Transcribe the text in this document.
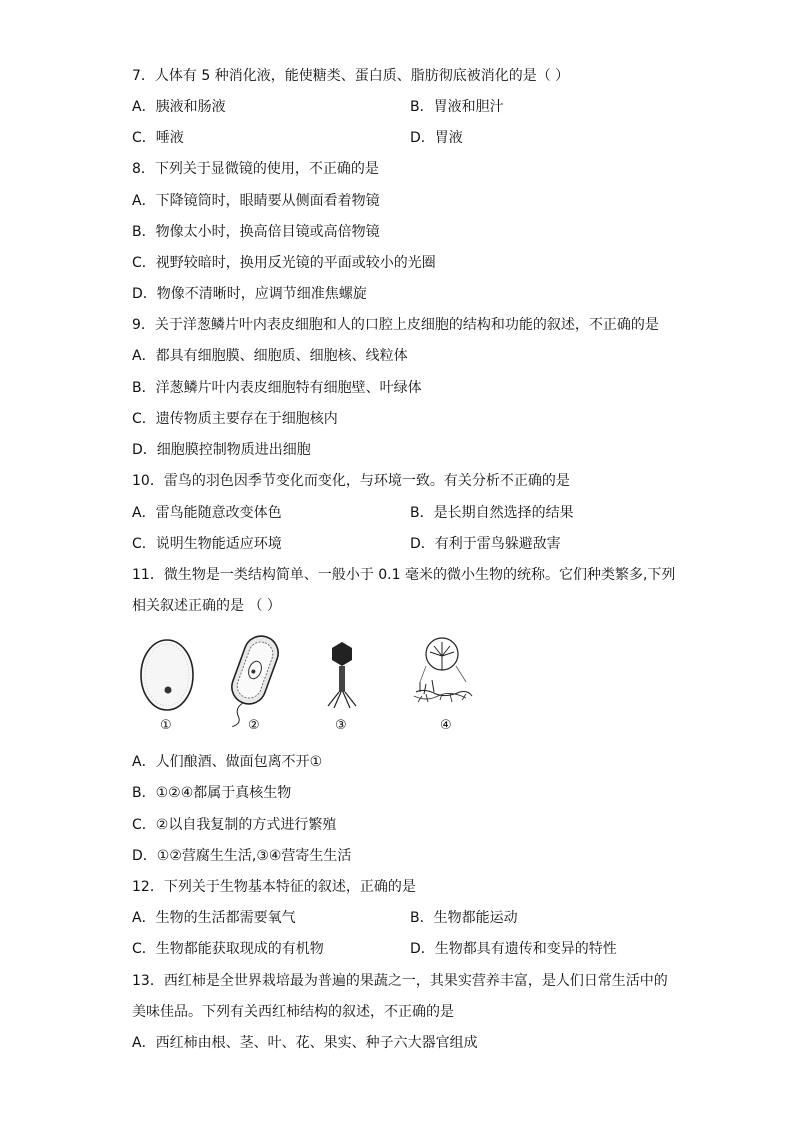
7．人体有 5 种消化液，能使糖类、蛋白质、脂肪彻底被消化的是（ ）
A．胰液和肠液	B．胃液和胆汁
C．唾液	D．胃液
8．下列关于显微镜的使用，不正确的是
A．下降镜筒时，眼睛要从侧面看着物镜
B．物像太小时，换高倍目镜或高倍物镜
C．视野较暗时，换用反光镜的平面或较小的光圈
D．物像不清晰时，应调节细准焦螺旋
9．关于洋葱鳞片叶内表皮细胞和人的口腔上皮细胞的结构和功能的叙述，不正确的是
A．都具有细胞膜、细胞质、细胞核、线粒体
B．洋葱鳞片叶内表皮细胞特有细胞壁、叶绿体
C．遗传物质主要存在于细胞核内
D．细胞膜控制物质进出细胞
10．雷鸟的羽色因季节变化而变化，与环境一致。有关分析不正确的是
A．雷鸟能随意改变体色	B．是长期自然选择的结果
C．说明生物能适应环境	D．有利于雷鸟躲避敌害
11．微生物是一类结构简单、一般小于 0.1 毫米的微小生物的统称。它们种类繁多,下列
相关叙述正确的是 （ ）
①	②	③	④
A．人们酿酒、做面包离不开①
B．①②④都属于真核生物
C．②以自我复制的方式进行繁殖
D．①②营腐生生活,③④营寄生生活
12．下列关于生物基本特征的叙述，正确的是
A．生物的生活都需要氧气	B．生物都能运动
C．生物都能获取现成的有机物	D．生物都具有遗传和变异的特性
13．西红柿是全世界栽培最为普遍的果蔬之一，其果实营养丰富，是人们日常生活中的
美味佳品。下列有关西红柿结构的叙述，不正确的是
A．西红柿由根、茎、叶、花、果实、种子六大器官组成
